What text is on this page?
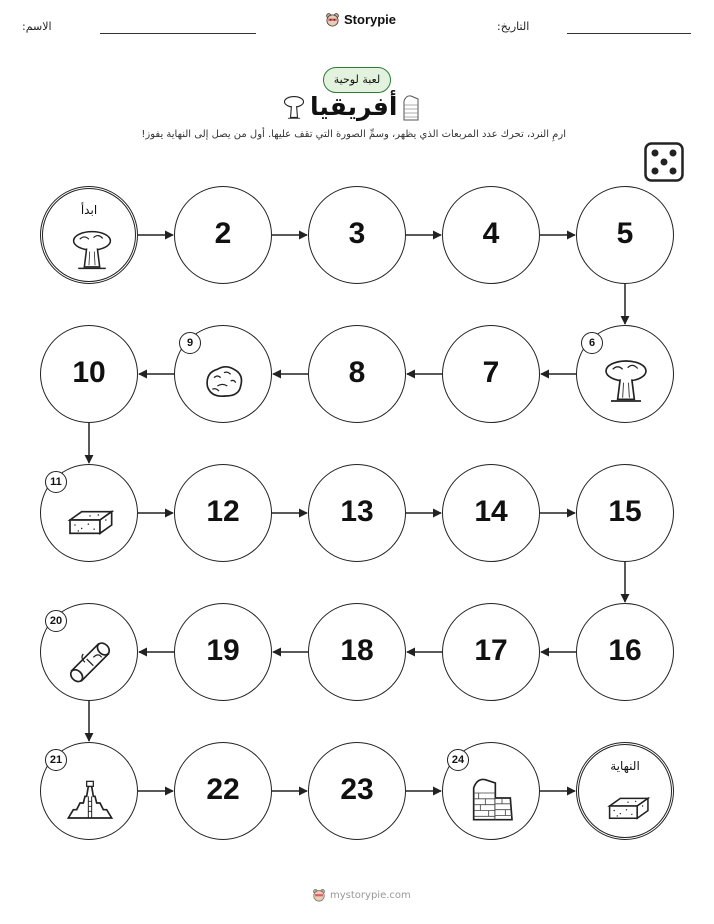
الاسم:	Storypie	التاريخ:
لعبة لوحية
أفريقيا
ارمِ النرد، تحرك عدد المربعات الذي يظهر، وسمِّ الصورة التي تقف عليها. أول من يصل إلى النهاية يفوز!
ابدأ
2	3	4	5
6
7
8
9
10
11
12	13	14	15
16
17
18
19
20
21
22	23
24	النهاية
mystorypie.com
